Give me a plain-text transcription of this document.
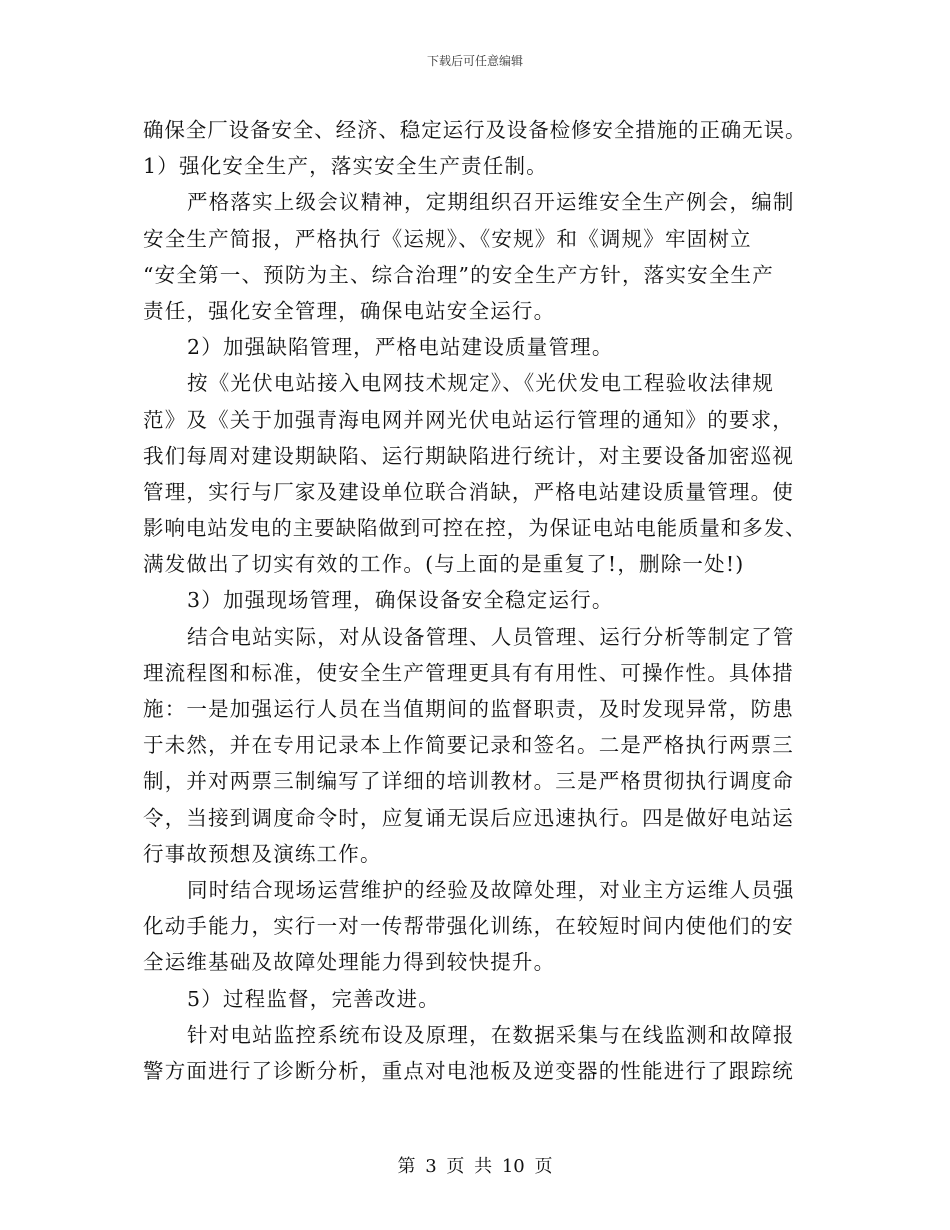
下载后可任意编辑
确保全厂设备安全、经济、稳定运行及设备检修安全措施的正确无误。
1）强化安全生产，落实安全生产责任制。
严格落实上级会议精神，定期组织召开运维安全生产例会，编制
安全生产简报，严格执行《运规》、《安规》和《调规》牢固树立
“安全第一、预防为主、综合治理”的安全生产方针，落实安全生产
责任，强化安全管理，确保电站安全运行。
2）加强缺陷管理，严格电站建设质量管理。
按《光伏电站接入电网技术规定》、《光伏发电工程验收法律规
范》及《关于加强青海电网并网光伏电站运行管理的通知》的要求，
我们每周对建设期缺陷、运行期缺陷进行统计，对主要设备加密巡视
管理，实行与厂家及建设单位联合消缺，严格电站建设质量管理。使
影响电站发电的主要缺陷做到可控在控，为保证电站电能质量和多发、
满发做出了切实有效的工作。(与上面的是重复了!，删除一处!)
3）加强现场管理，确保设备安全稳定运行。
结合电站实际，对从设备管理、人员管理、运行分析等制定了管
理流程图和标准，使安全生产管理更具有有用性、可操作性。具体措
施：一是加强运行人员在当值期间的监督职责，及时发现异常，防患
于未然，并在专用记录本上作简要记录和签名。二是严格执行两票三
制，并对两票三制编写了详细的培训教材。三是严格贯彻执行调度命
令，当接到调度命令时，应复诵无误后应迅速执行。四是做好电站运
行事故预想及演练工作。
同时结合现场运营维护的经验及故障处理，对业主方运维人员强
化动手能力，实行一对一传帮带强化训练，在较短时间内使他们的安
全运维基础及故障处理能力得到较快提升。
5）过程监督，完善改进。
针对电站监控系统布设及原理，在数据采集与在线监测和故障报
警方面进行了诊断分析，重点对电池板及逆变器的性能进行了跟踪统
第 3 页 共 10 页
